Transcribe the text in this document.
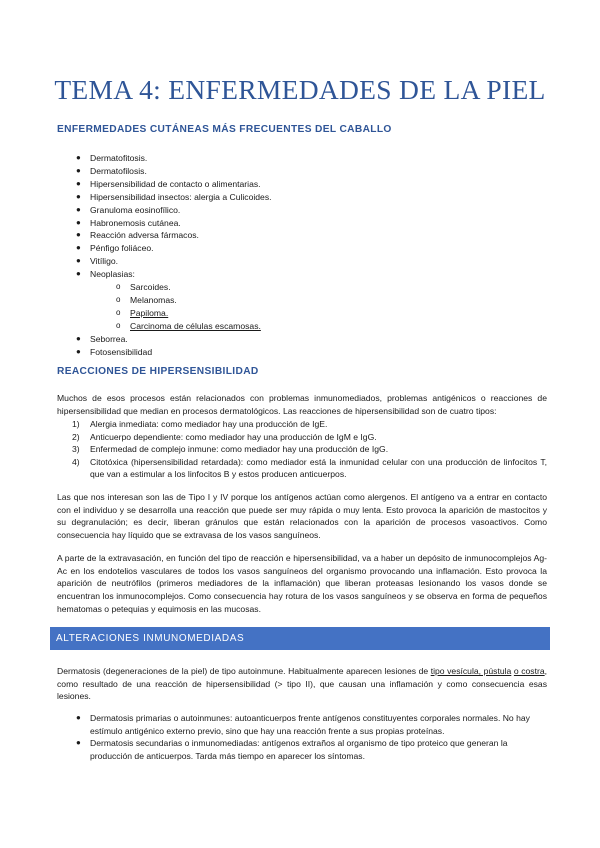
TEMA 4: ENFERMEDADES DE LA PIEL
ENFERMEDADES CUTÁNEAS MÁS FRECUENTES DEL CABALLO
● Dermatofitosis.
● Dermatofilosis.
● Hipersensibilidad de contacto o alimentarias.
● Hipersensibilidad insectos: alergia a Culicoides.
● Granuloma eosinofílico.
● Habronemosis cutánea.
● Reacción adversa fármacos.
● Pénfigo foliáceo.
● Vitíligo.
● Neoplasias:
o Sarcoides.
o Melanomas.
o Papiloma.
o Carcinoma de células escamosas.
● Seborrea.
● Fotosensibilidad
REACCIONES DE HIPERSENSIBILIDAD

Muchos de esos procesos están relacionados con problemas inmunomediados, problemas antigénicos o reacciones de hipersensibilidad que median en procesos dermatológicos. Las reacciones de hipersensibilidad son de cuatro tipos:

1) Alergia inmediata: como mediador hay una producción de IgE.
2) Anticuerpo dependiente: como mediador hay una producción de IgM e IgG.
3) Enfermedad de complejo inmune: como mediador hay una producción de IgG.
4) Citotóxica (hipersensibilidad retardada): como mediador está la inmunidad celular con una producción de linfocitos T, que van a estimular a los linfocitos B y estos producen anticuerpos.

Las que nos interesan son las de Tipo I y IV porque los antígenos actúan como alergenos. El antígeno va a entrar en contacto con el individuo y se desarrolla una reacción que puede ser muy rápida o muy lenta. Esto provoca la aparición de mastocitos y su degranulación; es decir, liberan gránulos que están relacionados con la aparición de procesos vasoactivos. Como consecuencia hay líquido que se extravasa de los vasos sanguíneos.

A parte de la extravasación, en función del tipo de reacción e hipersensibilidad, va a haber un depósito de inmunocomplejos Ag-Ac en los endotelios vasculares de todos los vasos sanguíneos del organismo provocando una inflamación. Esto provoca la aparición de neutrófilos (primeros mediadores de la inflamación) que liberan proteasas lesionando los vasos donde se encuentran los inmunocomplejos. Como consecuencia hay rotura de los vasos sanguíneos y se observa en forma de pequeños hematomas o petequias y equimosis en las mucosas.

ALTERACIONES INMUNOMEDIADAS

Dermatosis (degeneraciones de la piel) de tipo autoinmune. Habitualmente aparecen lesiones de tipo vesícula, pústula o costra, como resultado de una reacción de hipersensibilidad (> tipo II), que causan una inflamación y como consecuencia esas lesiones.

● Dermatosis primarias o autoinmunes: autoanticuerpos frente antígenos constituyentes corporales normales. No hay estímulo antigénico externo previo, sino que hay una reacción frente a sus propias proteínas.
● Dermatosis secundarias o inmunomediadas: antígenos extraños al organismo de tipo proteico que generan la producción de anticuerpos. Tarda más tiempo en aparecer los síntomas.
